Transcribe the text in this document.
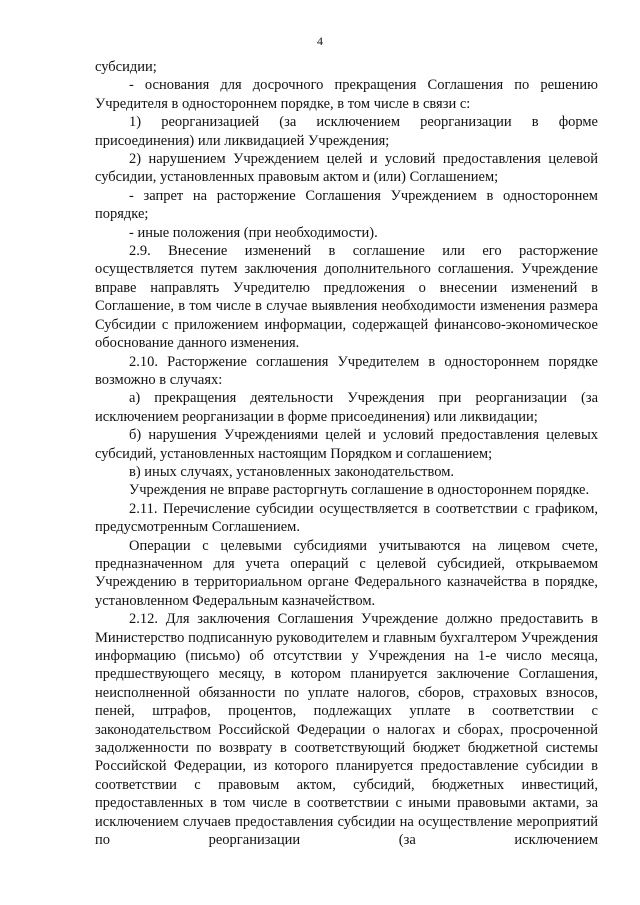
4

субсидии;

- основания для досрочного прекращения Соглашения по решению Учредителя в одностороннем порядке, в том числе в связи с:

1) реорганизацией (за исключением реорганизации в форме присоединения) или ликвидацией Учреждения;

2) нарушением Учреждением целей и условий предоставления целевой субсидии, установленных правовым актом и (или) Соглашением;

- запрет на расторжение Соглашения Учреждением в одностороннем порядке;

- иные положения (при необходимости).

2.9. Внесение изменений в соглашение или его расторжение осуществляется путем заключения дополнительного соглашения. Учреждение вправе направлять Учредителю предложения о внесении изменений в Соглашение, в том числе в случае выявления необходимости изменения размера Субсидии с приложением информации, содержащей финансово-экономическое обоснование данного изменения.

2.10. Расторжение соглашения Учредителем в одностороннем порядке возможно в случаях:

а) прекращения деятельности Учреждения при реорганизации (за исключением реорганизации в форме присоединения) или ликвидации;

б) нарушения Учреждениями целей и условий предоставления целевых субсидий, установленных настоящим Порядком и соглашением;

в) иных случаях, установленных законодательством.

Учреждения не вправе расторгнуть соглашение в одностороннем порядке.

2.11. Перечисление субсидии осуществляется в соответствии с графиком, предусмотренным Соглашением.

Операции с целевыми субсидиями учитываются на лицевом счете, предназначенном для учета операций с целевой субсидией, открываемом Учреждению в территориальном органе Федерального казначейства в порядке, установленном Федеральным казначейством.

2.12. Для заключения Соглашения Учреждение должно предоставить в Министерство подписанную руководителем и главным бухгалтером Учреждения информацию (письмо) об отсутствии у Учреждения на 1-е число месяца, предшествующего месяцу, в котором планируется заключение Соглашения, неисполненной обязанности по уплате налогов, сборов, страховых взносов, пеней, штрафов, процентов, подлежащих уплате в соответствии с законодательством Российской Федерации о налогах и сборах, просроченной задолженности по возврату в соответствующий бюджет бюджетной системы Российской Федерации, из которого планируется предоставление субсидии в соответствии с правовым актом, субсидий, бюджетных инвестиций, предоставленных в том числе в соответствии с иными правовыми актами, за исключением случаев предоставления субсидии на осуществление мероприятий по реорганизации (за исключением
